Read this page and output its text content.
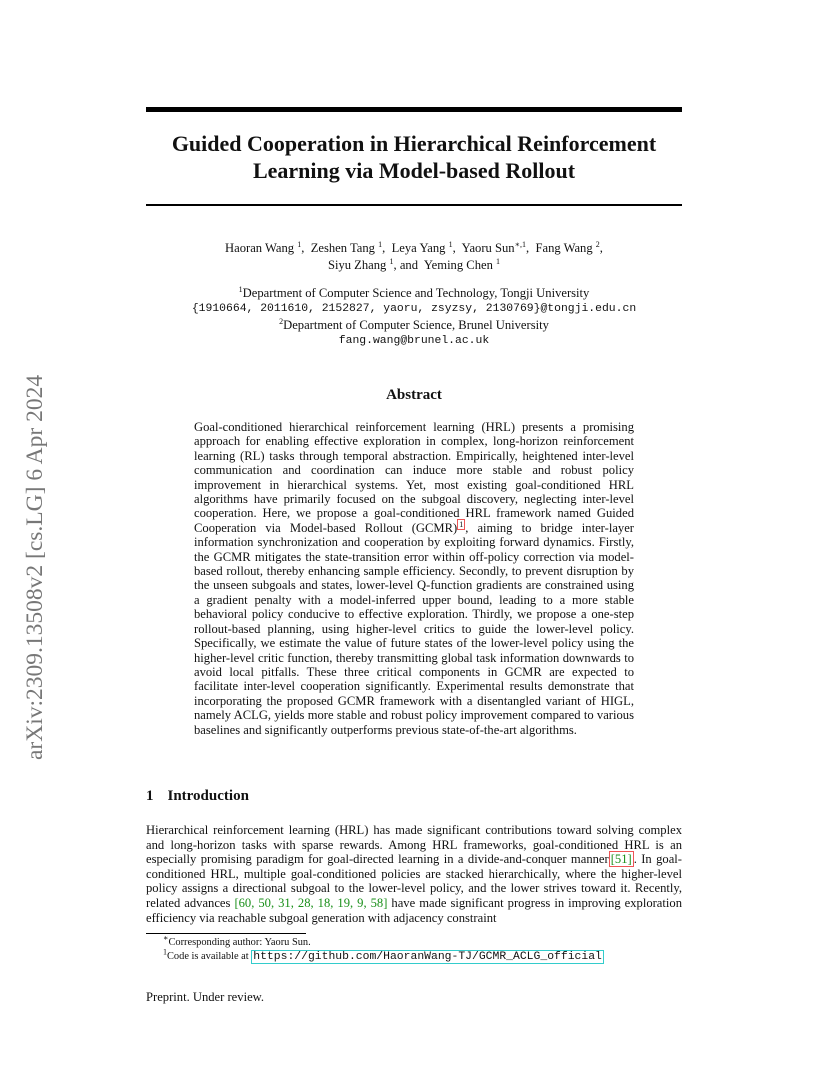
arXiv:2309.13508v2 [cs.LG] 6 Apr 2024
Guided Cooperation in Hierarchical Reinforcement
Learning via Model-based Rollout
Haoran Wang $^1$,  Zeshen Tang $^1$,  Leya Yang $^1$,  Yaoru Sun$^{∗,1}$,  Fang Wang $^2$,
Siyu Zhang $^1$, and Yeming Chen $^1$
$^1$Department of Computer Science and Technology, Tongji University
{1910664, 2011610, 2152827, yaoru, zsyzsy, 2130769}@tongji.edu.cn
$^2$Department of Computer Science, Brunel University
fang.wang@brunel.ac.uk
Abstract

Goal-conditioned hierarchical reinforcement learning (HRL) presents a promising approach for enabling effective exploration in complex, long-horizon reinforcement learning (RL) tasks through temporal abstraction. Empirically, heightened inter-level communication and coordination can induce more stable and robust policy improvement in hierarchical systems. Yet, most existing goal-conditioned HRL algorithms have primarily focused on the subgoal discovery, neglecting inter-level cooperation. Here, we propose a goal-conditioned HRL framework named Guided Cooperation via Model-based Rollout (GCMR) $^1$ , aiming to bridge inter-layer information synchronization and cooperation by exploiting forward dynamics. Firstly, the GCMR mitigates the state-transition error within off-policy correction via model-based rollout, thereby enhancing sample efficiency. Secondly, to prevent disruption by the unseen subgoals and states, lower-level Q-function gradients are constrained using a gradient penalty with a model-inferred upper bound, leading to a more stable behavioral policy conducive to effective exploration. Thirdly, we propose a one-step rollout-based planning, using higher-level critics to guide the lower-level policy. Specifically, we estimate the value of future states of the lower-level policy using the higher-level critic function, thereby transmitting global task information downwards to avoid local pitfalls. These three critical components in GCMR are expected to facilitate inter-level cooperation significantly. Experimental results demonstrate that incorporating the proposed GCMR framework with a disentangled variant of HIGL, namely ACLG, yields more stable and robust policy improvement compared to various baselines and significantly outperforms previous state-of-the-art algorithms.

1 Introduction

Hierarchical reinforcement learning (HRL) has made significant contributions toward solving complex and long-horizon tasks with sparse rewards. Among HRL frameworks, goal-conditioned HRL is an especially promising paradigm for goal-directed learning in a divide-and-conquer manner [51] . In goal-conditioned HRL, multiple goal-conditioned policies are stacked hierarchically, where the higher-level policy assigns a directional subgoal to the lower-level policy, and the lower strives toward it. Recently, related advances [60, 50, 31, 28, 18, 19, 9, 58] have made significant progress in improving exploration efficiency via reachable subgoal generation with adjacency constraint

∗Corresponding author: Yaoru Sun.

$^1$Code is available at https://github.com/HaoranWang-TJ/GCMR_ACLG_official

Preprint. Under review.
